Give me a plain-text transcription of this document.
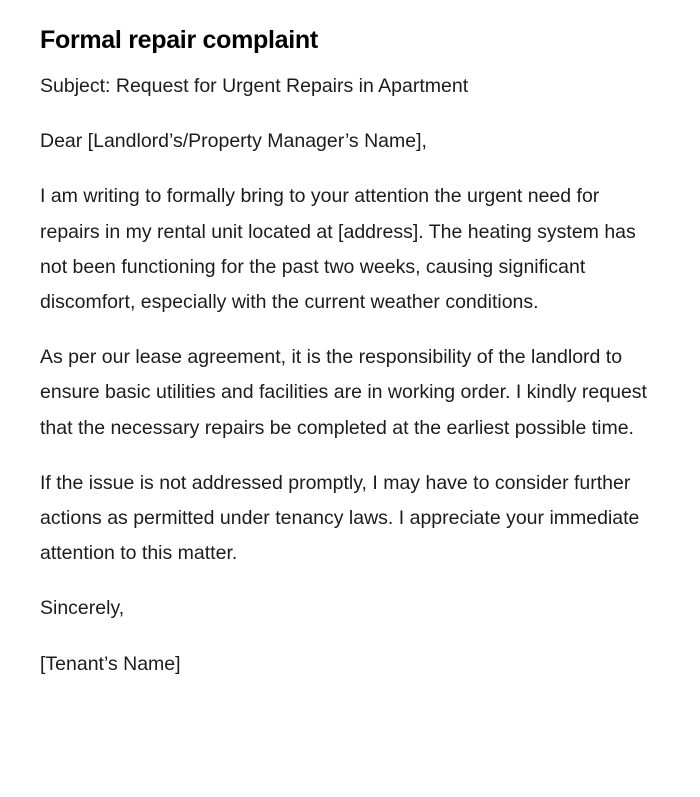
Formal repair complaint

Subject: Request for Urgent Repairs in Apartment

Dear [Landlord’s/Property Manager’s Name],

I am writing to formally bring to your attention the urgent need for repairs in my rental unit located at [address]. The heating system has not been functioning for the past two weeks, causing significant discomfort, especially with the current weather conditions.

As per our lease agreement, it is the responsibility of the landlord to ensure basic utilities and facilities are in working order. I kindly request that the necessary repairs be completed at the earliest possible time.

If the issue is not addressed promptly, I may have to consider further actions as permitted under tenancy laws. I appreciate your immediate attention to this matter.

Sincerely,

[Tenant’s Name]
